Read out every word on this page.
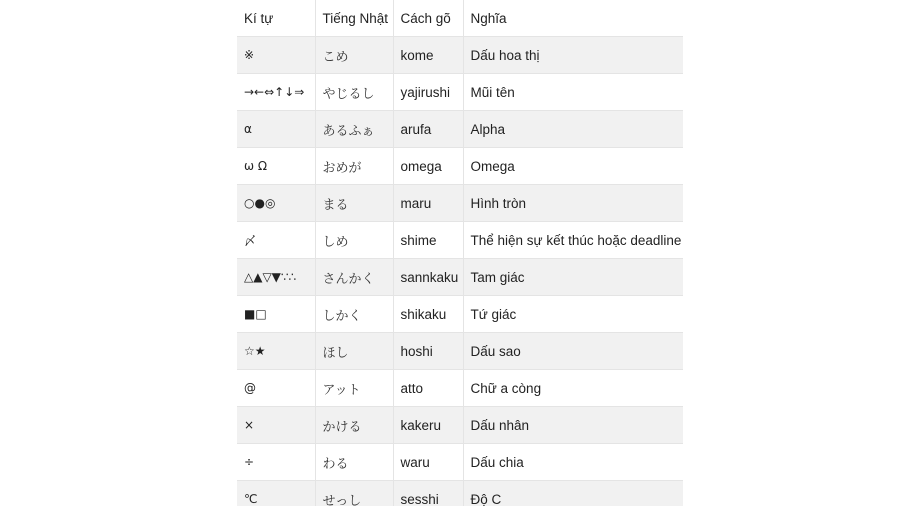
Kí tự	Tiếng Nhật	Cách gõ	Nghĩa
※	こめ	kome	Dấu hoa thị
→←⇔↑↓⇒	やじるし	yajirushi	Mũi tên
α	あるふぁ	arufa	Alpha
ω Ω	おめが	omega	Omega
○●◎	まる	maru	Hình tròn
〆	しめ	shime	Thể hiện sự kết thúc hoặc deadline
△▲▽▼∵∴	さんかく	sannkaku	Tam giác
■□	しかく	shikaku	Tứ giác
☆★	ほし	hoshi	Dấu sao
@	アット	atto	Chữ a còng
×	かける	kakeru	Dấu nhân
÷	わる	waru	Dấu chia
℃	せっし	sesshi	Độ C
